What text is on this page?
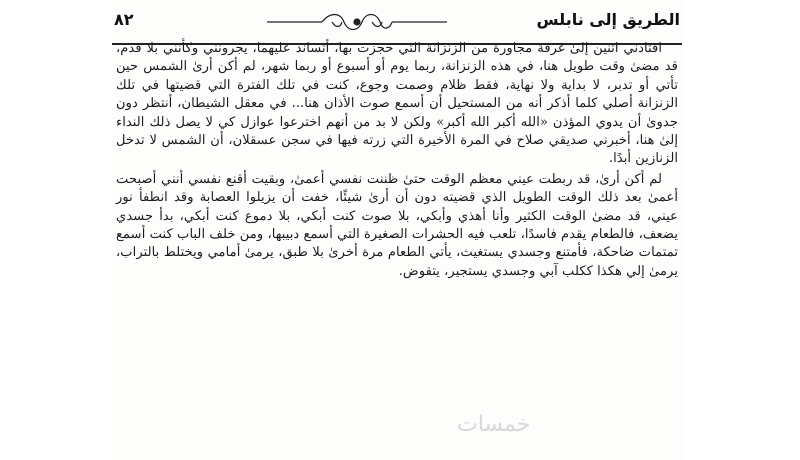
الطريق إلى نابلس
٨٢

اقتادني اثنين إلىٰ غرفة مجاورة من الزنزانة التي حجزت بها، أتساند عليهما، يجرونني وكأنني بلا قدم، قد مضىٰ وقت طويل هنا، في هذه الزنزانة، ربما يوم أو أسبوع أو ربما شهر، لم أكن أرىٰ الشمس حين تأتي أو تدبر، لا بداية ولا نهاية، فقط ظلام وصمت وجوع، كنت في تلك الفترة التي قضيتها في تلك الزنزانة أصلي كلما أذكر أنه من المستحيل أن أسمع صوت الأذان هنا... في معقل الشيطان، أنتظر دون جدوىٰ أن يدوي المؤذن «الله أكبر الله أكبر» ولكن لا بد من أنهم اخترعوا عوازل كي لا يصل ذلك النداء إلىٰ هنا، أخبرني صديقي صلاح في المرة الأخيرة التي زرته فيها في سجن عسقلان، أن الشمس لا تدخل الزنازين أبدًا.

لم أكن أرىٰ، قد ربطت عيني معظم الوقت حتىٰ ظننت نفسي أعمىٰ، وبقيت أقنع نفسي أنني أصبحت أعمىٰ بعد ذلك الوقت الطويل الذي قضيته دون أن أرىٰ شيئًا، خفت أن يزيلوا العصابة وقد انطفأ نور عيني، قد مضىٰ الوقت الكثير وأنا أهذي وأبكي، بلا صوت كنت أبكي، بلا دموع كنت أبكي، بدأ جسدي يضعف، فالطعام يقدم فاسدًا، تلعب فيه الحشرات الصغيرة التي أسمع دبيبها، ومن خلف الباب كنت أسمع تمتمات ضاحكة، فأمتنع وجسدي يستغيث، يأتي الطعام مرة أخرىٰ بلا طبق، يرمىٰ أمامي ويختلط بالتراب، يرمىٰ إلي هكذا ككلب آبي وجسدي يستجير، يتقوض.

خمسات
